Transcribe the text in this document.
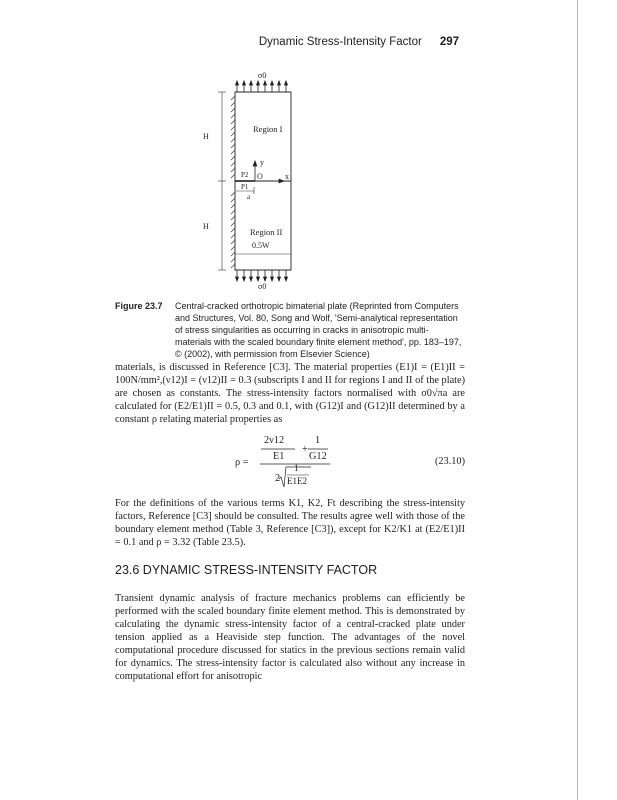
Dynamic Stress-Intensity Factor 297
σ0
σ0
Region I
Region II
y
O	x
P2
P1
a
0.5W
H
H
Figure 23.7 Central-cracked orthotropic bimaterial plate (Reprinted from Computers and Structures, Vol. 80, Song and Wolf, 'Semi-analytical representation of stress singularities as occurring in cracks in anisotropic multi-materials with the scaled boundary finite element method', pp. 183–197, © (2002), with permission from Elsevier Science)

materials, is discussed in Reference [C3]. The material properties (E1)I = (E1)II = 100N/mm²,(ν12)I = (ν12)II = 0.3 (subscripts I and II for regions I and II of the plate) are chosen as constants. The stress-intensity factors normalised with σ0√πa are calculated for (E2/E1)II = 0.5, 0.3 and 0.1, with (G12)I and (G12)II determined by a constant ρ relating material properties as

ρ =
2ν12
E1
+
1
G12
2
1
E1E2
(23.10)

For the definitions of the various terms K1, K2, Ft describing the stress-intensity factors, Reference [C3] should be consulted. The results agree well with those of the boundary element method (Table 3, Reference [C3]), except for K2/K1 at (E2/E1)II = 0.1 and ρ = 3.32 (Table 23.5).

23.6 DYNAMIC STRESS-INTENSITY FACTOR

Transient dynamic analysis of fracture mechanics problems can efficiently be performed with the scaled boundary finite element method. This is demonstrated by calculating the dynamic stress-intensity factor of a central-cracked plate under tension applied as a Heaviside step function. The advantages of the novel computational procedure discussed for statics in the previous sections remain valid for dynamics. The stress-intensity factor is calculated also without any increase in computational effort for anisotropic
